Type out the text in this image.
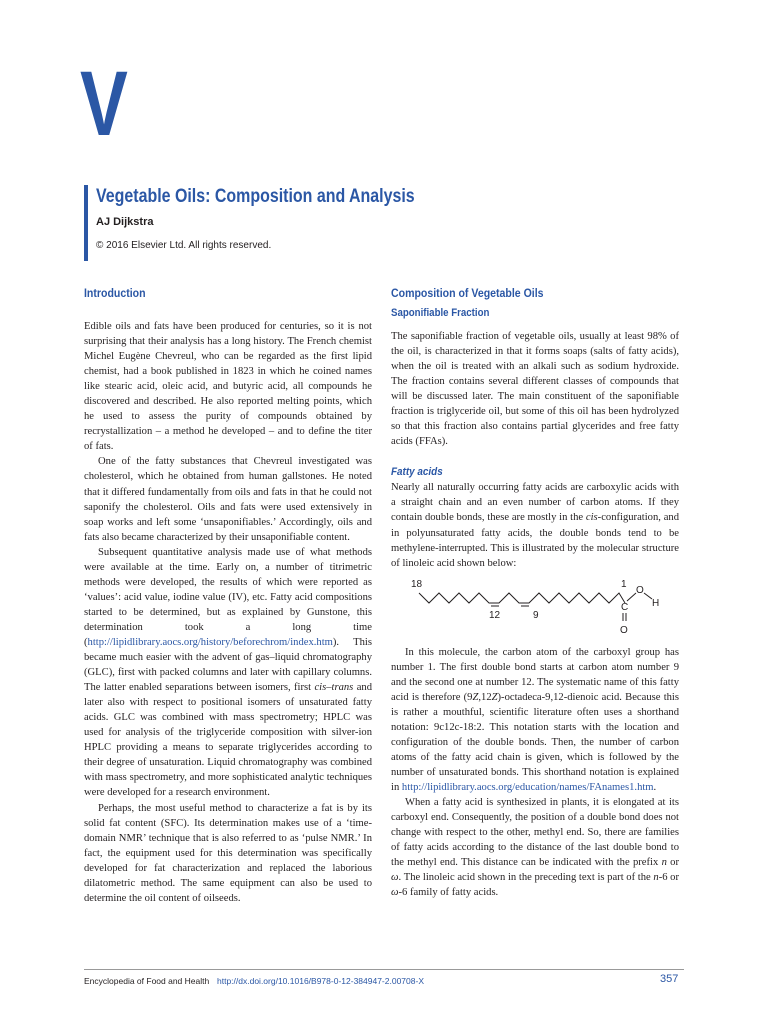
V
Vegetable Oils: Composition and Analysis
AJ Dijkstra
© 2016 Elsevier Ltd. All rights reserved.
Introduction

Edible oils and fats have been produced for centuries, so it is not surprising that their analysis has a long history. The French chemist Michel Eugène Chevreul, who can be regarded as the first lipid chemist, had a book published in 1823 in which he coined names like stearic acid, oleic acid, and butyric acid, all compounds he discovered and described. He also reported melting points, which he used to assess the purity of compounds obtained by recrystallization – a method he developed – and to define the titer of fats.

One of the fatty substances that Chevreul investigated was cholesterol, which he obtained from human gallstones. He noted that it differed fundamentally from oils and fats in that he could not saponify the cholesterol. Oils and fats were used extensively in soap works and left some ‘unsaponifiables.’ Accordingly, oils and fats also became characterized by their unsaponifiable content.

Subsequent quantitative analysis made use of what methods were available at the time. Early on, a number of titrimetric methods were developed, the results of which were reported as ‘values’: acid value, iodine value (IV), etc. Fatty acid compositions started to be determined, but as explained by Gunstone, this determination took a long time (http://lipidlibrary.aocs.org/history/beforechrom/index.htm). This became much easier with the advent of gas–liquid chromatography (GLC), first with packed columns and later with capillary columns. The latter enabled separations between isomers, first cis–trans and later also with respect to positional isomers of unsaturated fatty acids. GLC was combined with mass spectrometry; HPLC was used for analysis of the triglyceride composition with silver-ion HPLC providing a means to separate triglycerides according to their degree of unsaturation. Liquid chromatography was combined with mass spectrometry, and more sophisticated analytic techniques were developed for a research environment.

Perhaps, the most useful method to characterize a fat is by its solid fat content (SFC). Its determination makes use of a ‘time-domain NMR’ technique that is also referred to as ‘pulse NMR.’ In fact, the equipment used for this determination was specifically developed for fat characterization and replaced the laborious dilatometric method. The same equipment can also be used to determine the oil content of oilseeds.

Composition of Vegetable Oils
Saponifiable Fraction

The saponifiable fraction of vegetable oils, usually at least 98% of the oil, is characterized in that it forms soaps (salts of fatty acids), when the oil is treated with an alkali such as sodium hydroxide. The fraction contains several different classes of compounds that will be discussed later. The main constituent of the saponifiable fraction is triglyceride oil, but some of this oil has been hydrolyzed so that this fraction also contains partial glycerides and free fatty acids (FFAs).

Fatty acids

Nearly all naturally occurring fatty acids are carboxylic acids with a straight chain and an even number of carbon atoms. If they contain double bonds, these are mostly in the cis-configuration, and in polyunsaturated fatty acids, the double bonds tend to be methylene-interrupted. This is illustrated by the molecular structure of linoleic acid shown below:

18	1
C
O
H
O
12	9

In this molecule, the carbon atom of the carboxyl group has number 1. The first double bond starts at carbon atom number 9 and the second one at number 12. The systematic name of this fatty acid is therefore (9Z,12Z)-octadeca-9,12-dienoic acid. Because this is rather a mouthful, scientific literature often uses a shorthand notation: 9c12c-18:2. This notation starts with the location and configuration of the double bonds. Then, the number of carbon atoms of the fatty acid chain is given, which is followed by the number of unsaturated bonds. This shorthand notation is explained in http://lipidlibrary.aocs.org/education/names/FAnames1.htm.

When a fatty acid is synthesized in plants, it is elongated at its carboxyl end. Consequently, the position of a double bond does not change with respect to the other, methyl end. So, there are families of fatty acids according to the distance of the last double bond to the methyl end. This distance can be indicated with the prefix n or ω. The linoleic acid shown in the preceding text is part of the n-6 or ω-6 family of fatty acids.

Encyclopedia of Food and Health http://dx.doi.org/10.1016/B978-0-12-384947-2.00708-X	357
